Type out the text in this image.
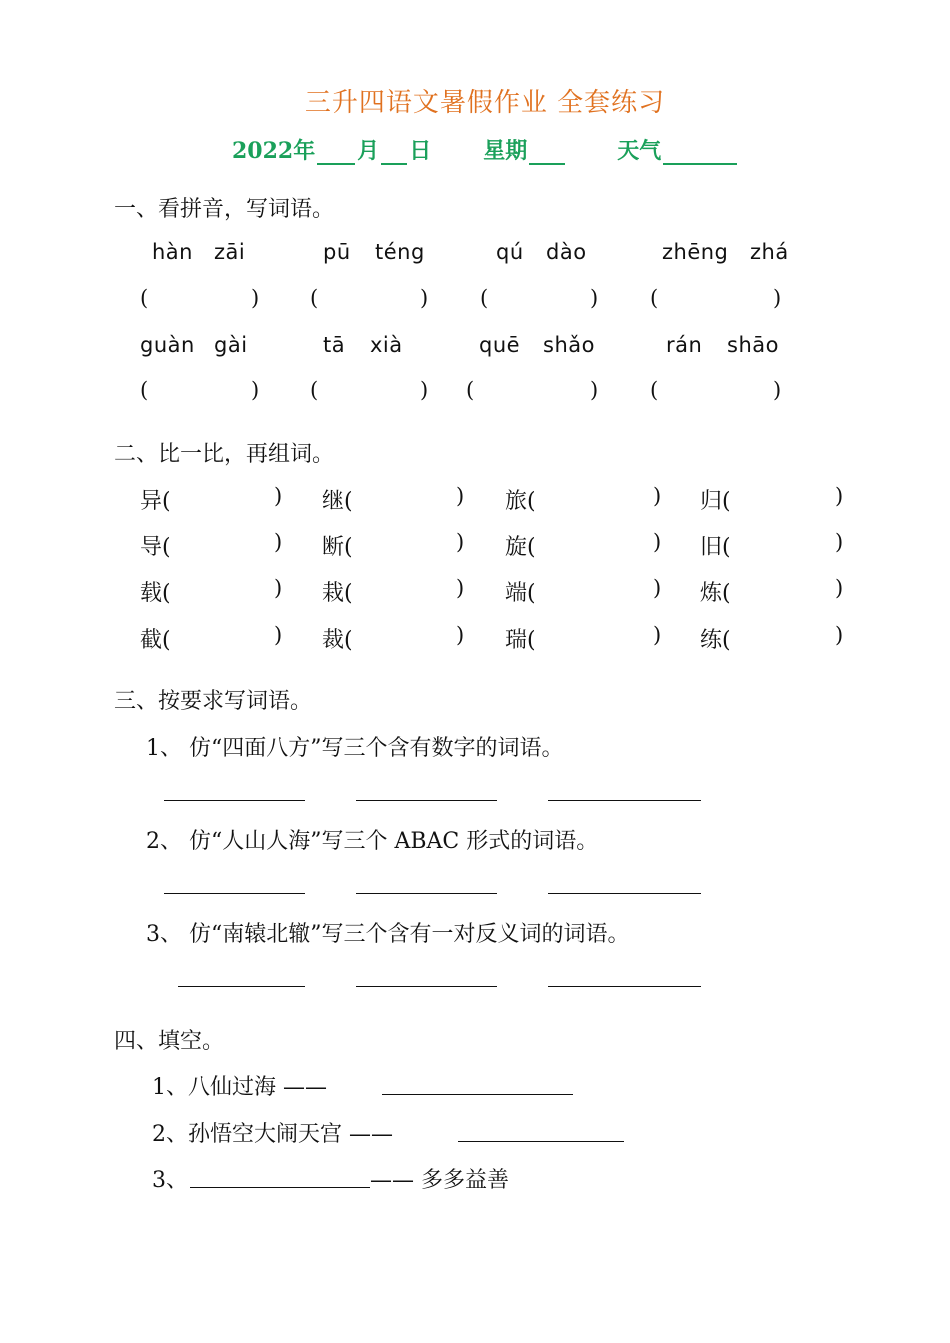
三升四语文暑假作业 全套练习
2022年 月 日 星期	天气
一、看拼音，写词语。
hàn zāi	pū téng	qú dào	zhēng zhá
(	) (	) (	) (	)
guàn gài	tā xià	quē shǎo	rán shāo
(	) (	) (	) (	)
二、比一比，再组词。
异(	) 继(	) 旅(	) 归(	)
导(	) 断(	) 旋(	) 旧(	)
载(	) 栽(	) 端(	) 炼(	)
截(	) 裁(	) 瑞(	) 练(	)
三、按要求写词语。
1、 仿“四面八方”写三个含有数字的词语。
2、 仿“人山人海”写三个 ABAC 形式的词语。
3、 仿“南辕北辙”写三个含有一对反义词的词语。
四、填空。
1、八仙过海 ——
2、孙悟空大闹天宫 ——
3、	—— 多多益善
